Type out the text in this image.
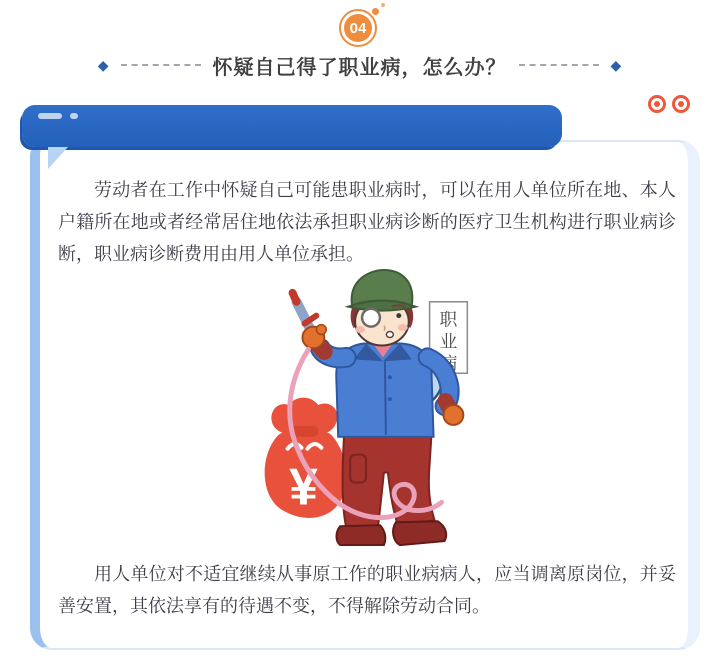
04
◆	怀疑自己得了职业病，怎么办？	◆

劳动者在工作中怀疑自己可能患职业病时，可以在用人单位所在地、本人户籍所在地或者经常居住地依法承担职业病诊断的医疗卫生机构进行职业病诊断，职业病诊断费用由用人单位承担。

¥
职
业
病

用人单位对不适宜继续从事原工作的职业病病人，应当调离原岗位，并妥善安置，其依法享有的待遇不变，不得解除劳动合同。
